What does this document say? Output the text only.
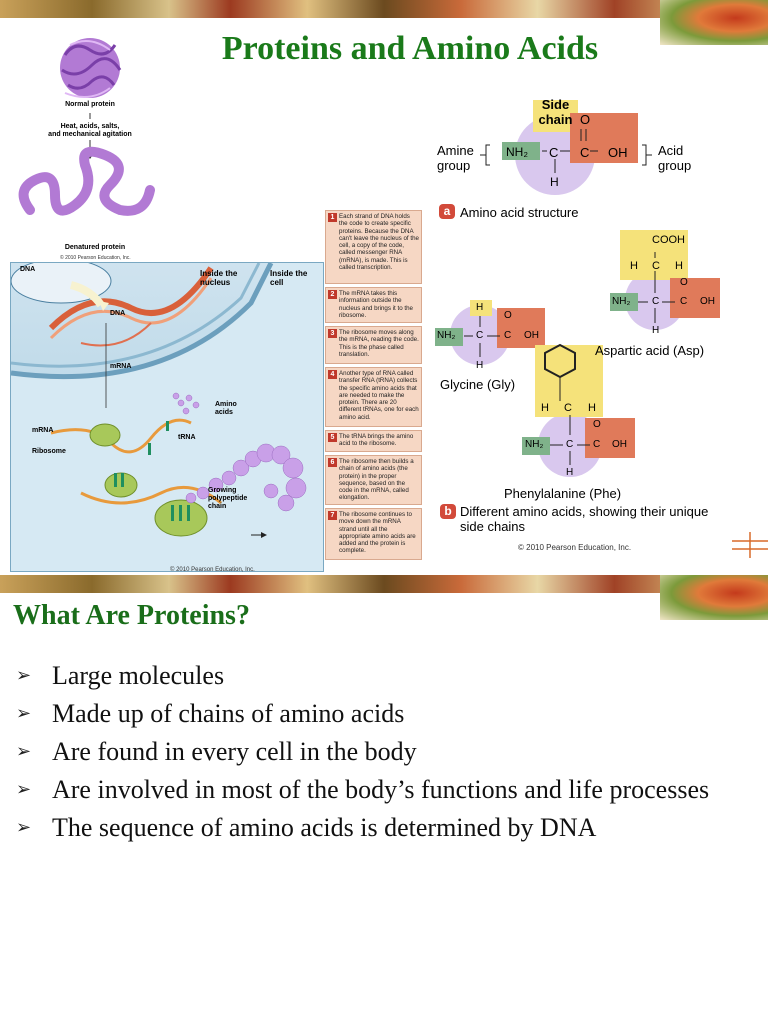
Proteins and Amino Acids
Normal protein
Heat, acids, salts,
and mechanical agitation
Denatured protein
© 2010 Pearson Education, Inc.
DNA	Inside the nucleus
Inside the cell
DNA
mRNA
mRNA
Ribosome
Amino acids
tRNA
Growing polypeptide chain
© 2010 Pearson Education, Inc.
1 Each strand of DNA holds the code to create specific proteins. Because the DNA can't leave the nucleus of the cell, a copy of the code, called messenger RNA (mRNA), is made. This is called transcription.
2 The mRNA takes this information outside the nucleus and brings it to the ribosome.
3 The ribosome moves along the mRNA, reading the code. This is the phase called translation.
4 Another type of RNA called transfer RNA (tRNA) collects the specific amino acids that are needed to make the protein. There are 20 different tRNAs, one for each amino acid.
5 The tRNA brings the amino acid to the ribosome.
6 The ribosome then builds a chain of amino acids (the protein) in the proper sequence, based on the code in the mRNA, called elongation.
7 The ribosome continues to move down the mRNA strand until all the appropriate amino acids are added and the protein is complete.
Side chain
Amine group
Acid group
NH₂ C
O
C OH
H
a Amino acid structure
H
NH₂ C
O
C OH
H
Glycine (Gly)
COOH
H C H
NH₂ C
O
C OH
H
Aspartic acid (Asp)
H C H
NH₂ C
O
C OH
H
Phenylalanine (Phe)
b Different amino acids, showing their unique side chains
© 2010 Pearson Education, Inc.
What Are Proteins?
➢ Large molecules
➢ Made up of chains of amino acids
➢ Are found in every cell in the body
➢ Are involved in most of the body’s functions and life processes
➢ The sequence of amino acids is determined by DNA
